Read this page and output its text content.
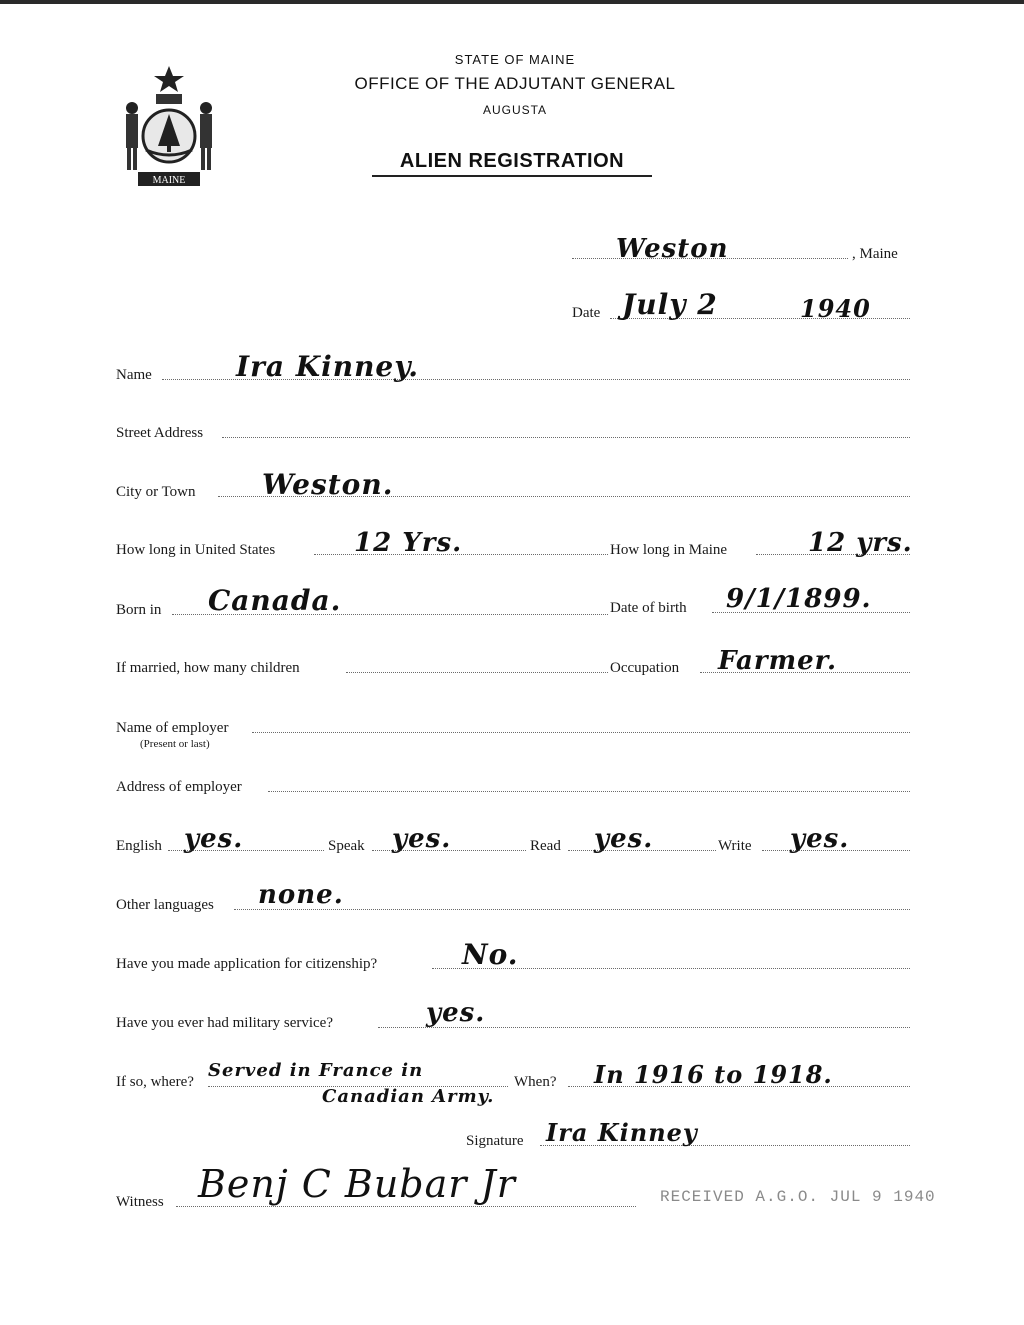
MAINE
STATE OF MAINE
OFFICE OF THE ADJUTANT GENERAL
AUGUSTA
ALIEN REGISTRATION
Weston	, Maine
Date July 2	1940
Name	Ira Kinney.
Street Address
City or Town Weston.
How long in United States	12 Yrs.	How long in Maine	12 yrs.
Born in Canada.	Date of birth 9/1/1899.
If married, how many children	Occupation Farmer.
Name of employer
(Present or last)
Address of employer
English yes.	Speak yes.	Read yes.	Write yes.
Other languages none.
Have you made application for citizenship?	No.
Have you ever had military service?	yes.
If so, where?
Served in France in
Canadian Army.
When? In 1916 to 1918.
Signature Ira Kinney
Witness Benj C Bubar Jr	RECEIVED A.G.O. JUL 9 1940
